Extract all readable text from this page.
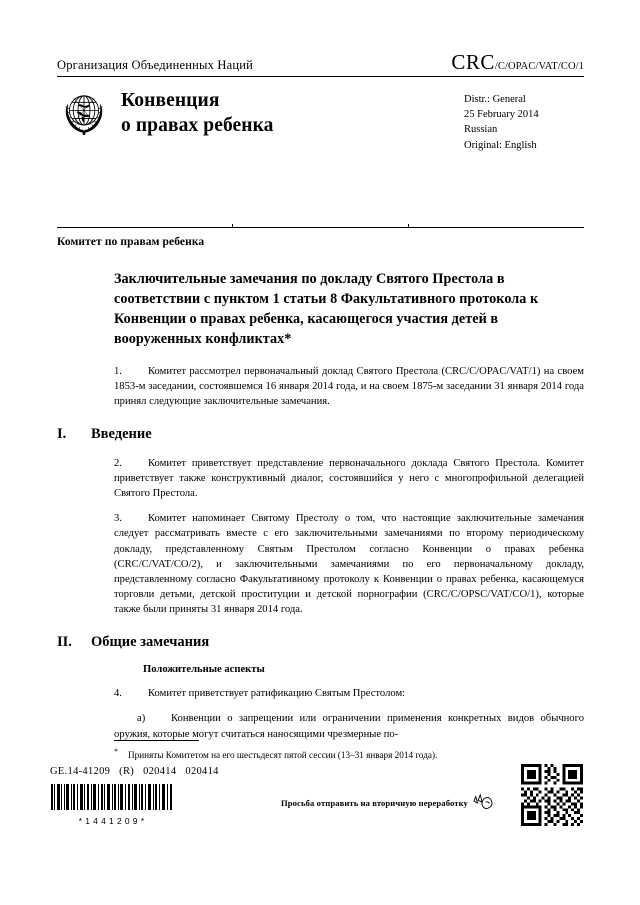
Организация Объединенных Наций	CRC/C/OPAC/VAT/CO/1
Конвенция
о правах ребенка
Distr.: General
25 February 2014
Russian
Original: English
Комитет по правам ребенка
Заключительные замечания по докладу Святого Престола в соответствии с пунктом 1 статьи 8 Факультативного протокола к Конвенции о правах ребенка, касающегося участия детей в вооруженных конфликтах*

1. Комитет рассмотрел первоначальный доклад Святого Престола (CRC/C/OPAC/VAT/1) на своем 1853-м заседании, состоявшемся 16 января 2014 года, и на своем 1875-м заседании 31 января 2014 года принял следующие заключительные замечания.

I.	Введение

2. Комитет приветствует представление первоначального доклада Святого Престола. Комитет приветствует также конструктивный диалог, состоявшийся у него с многопрофильной делегацией Святого Престола.

3. Комитет напоминает Святому Престолу о том, что настоящие заключительные замечания следует рассматривать вместе с его заключительными замечаниями по второму периодическому докладу, представленному Святым Престолом согласно Конвенции о правах ребенка (CRC/C/VAT/CO/2), и заключительными замечаниями по его первоначальному докладу, представленному согласно Факультативному протоколу к Конвенции о правах ребенка, касающемуся торговли детьми, детской проституции и детской порнографии (CRC/C/OPSC/VAT/CO/1), которые также были приняты 31 января 2014 года.

II.	Общие замечания
Положительные аспекты

4. Комитет приветствует ратификацию Святым Престолом:

a) Конвенции о запрещении или ограничении применения конкретных видов обычного оружия, которые могут считаться наносящими чрезмерные по-

* Приняты Комитетом на его шестьдесят пятой сессии (13–31 января 2014 года).
GE.14-41209 (R) 020414 020414
*1441209*
Просьба отправить на вторичную переработку
